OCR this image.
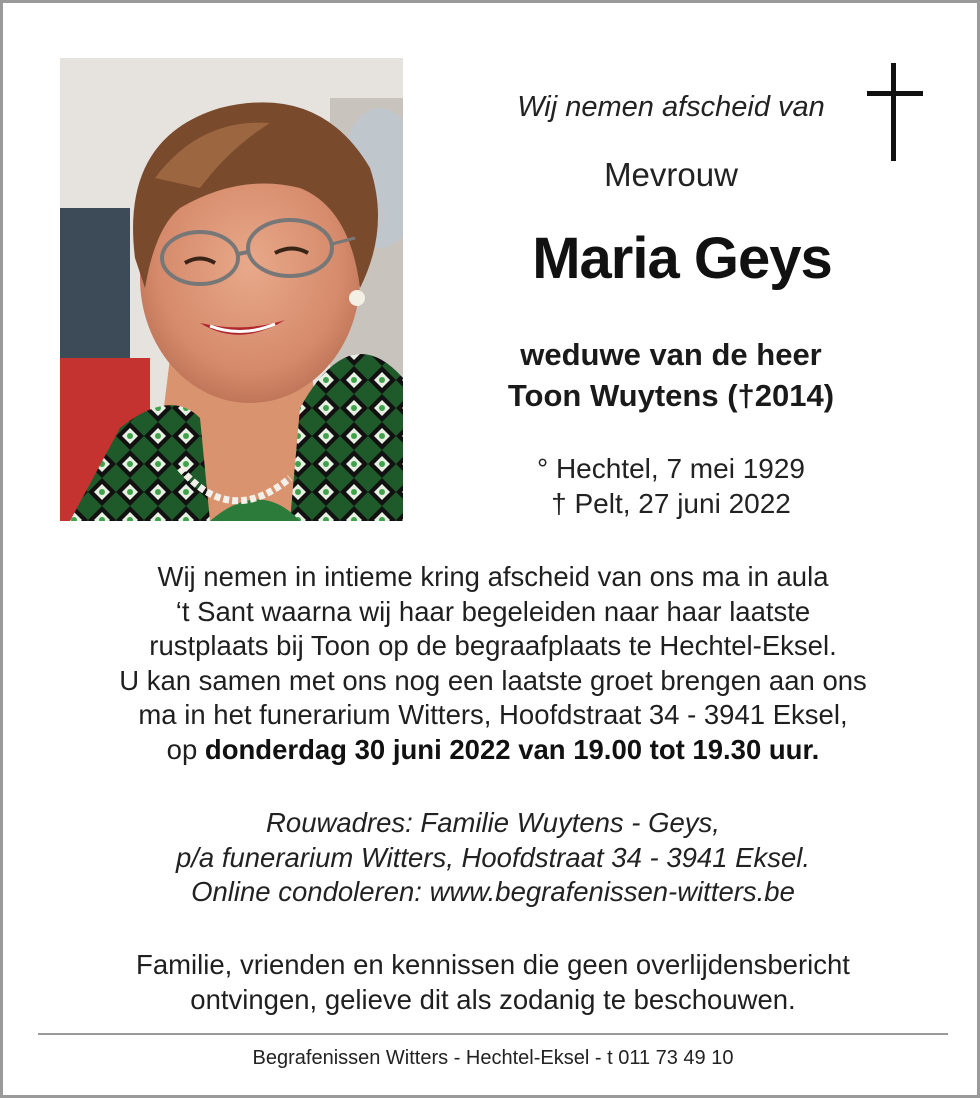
Wij nemen afscheid van
Mevrouw
Maria Geys
weduwe van de heer
Toon Wuytens (†2014)
° Hechtel, 7 mei 1929
† Pelt, 27 juni 2022
Wij nemen in intieme kring afscheid van ons ma in aula
‘t Sant waarna wij haar begeleiden naar haar laatste
rustplaats bij Toon op de begraafplaats te Hechtel-Eksel.
U kan samen met ons nog een laatste groet brengen aan ons
ma in het funerarium Witters, Hoofdstraat 34 - 3941 Eksel,
op donderdag 30 juni 2022 van 19.00 tot 19.30 uur.
Rouwadres: Familie Wuytens - Geys,
p/a funerarium Witters, Hoofdstraat 34 - 3941 Eksel.
Online condoleren: www.begrafenissen-witters.be
Familie, vrienden en kennissen die geen overlijdensbericht
ontvingen, gelieve dit als zodanig te beschouwen.
Begrafenissen Witters - Hechtel-Eksel - t 011 73 49 10
